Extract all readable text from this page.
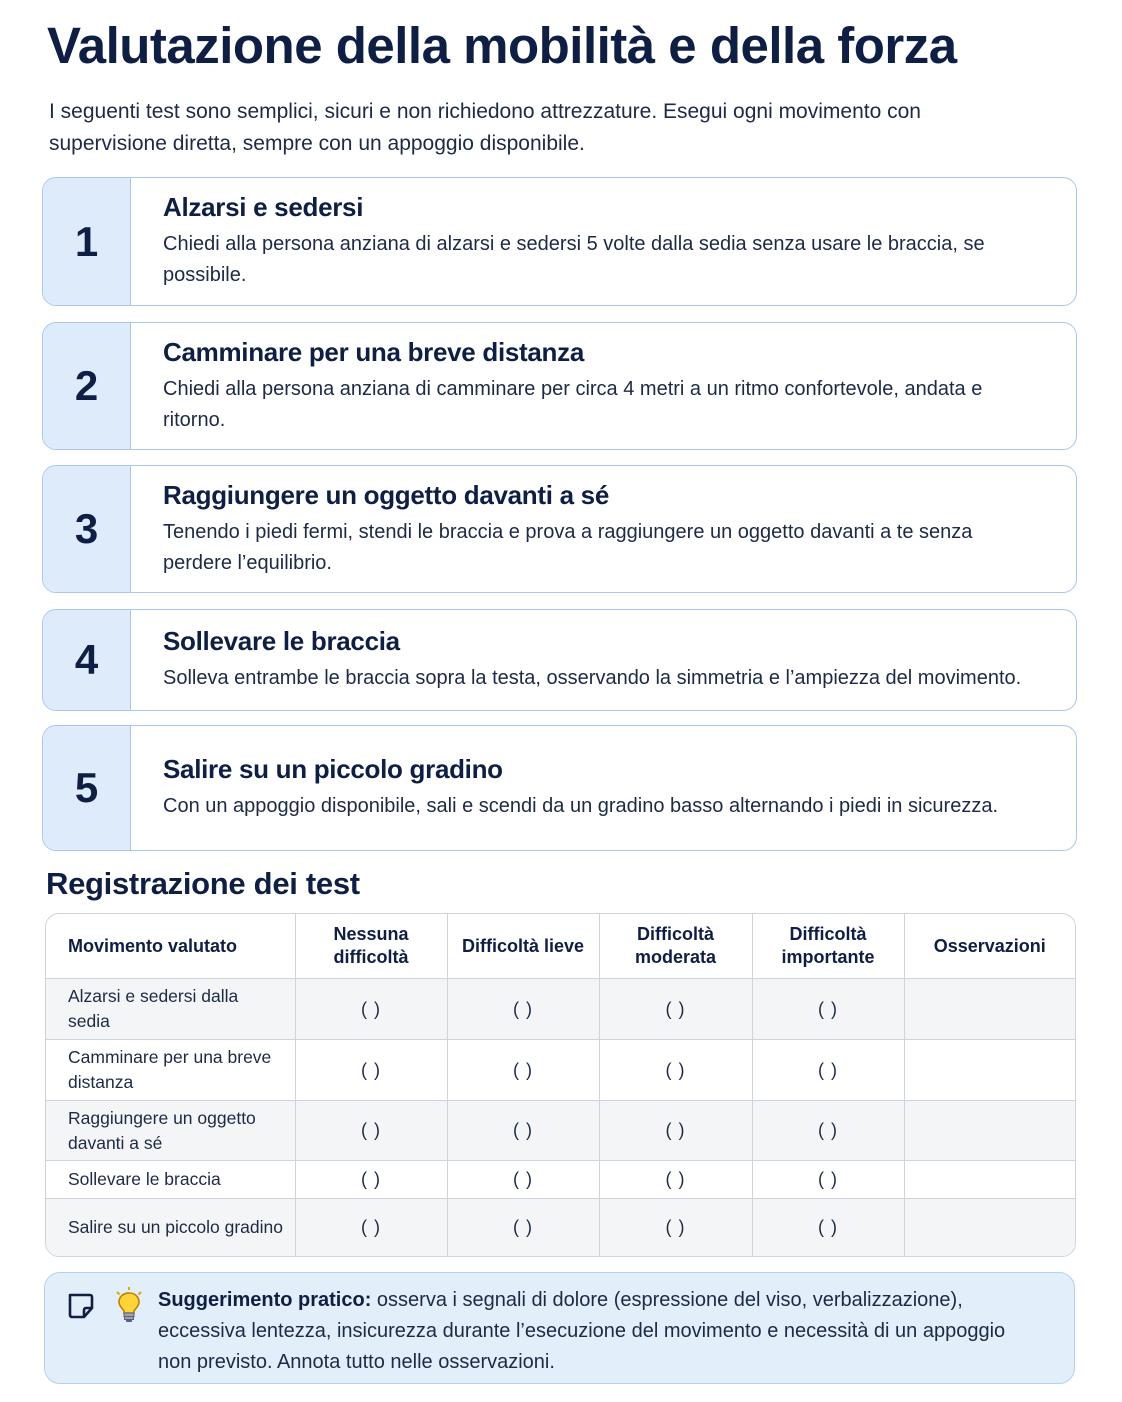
Valutazione della mobilità e della forza
I seguenti test sono semplici, sicuri e non richiedono attrezzature. Esegui ogni movimento con supervisione diretta, sempre con un appoggio disponibile.
1
Alzarsi e sedersi
Chiedi alla persona anziana di alzarsi e sedersi 5 volte dalla sedia senza usare le braccia, se possibile.
2
Camminare per una breve distanza
Chiedi alla persona anziana di camminare per circa 4 metri a un ritmo confortevole, andata e ritorno.
3
Raggiungere un oggetto davanti a sé
Tenendo i piedi fermi, stendi le braccia e prova a raggiungere un oggetto davanti a te senza perdere l’equilibrio.
4	Sollevare le braccia
Solleva entrambe le braccia sopra la testa, osservando la simmetria e l’ampiezza del movimento.
5	Salire su un piccolo gradino
Con un appoggio disponibile, sali e scendi da un gradino basso alternando i piedi in sicurezza.
Registrazione dei test
Movimento valutato	Nessuna difficoltà	Difficoltà lieve	Difficoltà moderata	Difficoltà importante	Osservazioni
Alzarsi e sedersi dalla sedia	( )	( )	( )	( )	
Camminare per una breve distanza	( )	( )	( )	( )	
Raggiungere un oggetto davanti a sé	( )	( )	( )	( )	
Sollevare le braccia	( )	( )	( )	( )	
Salire su un piccolo gradino	( )	( )	( )	( )	
Suggerimento pratico: osserva i segnali di dolore (espressione del viso, verbalizzazione), eccessiva lentezza, insicurezza durante l’esecuzione del movimento e necessità di un appoggio non previsto. Annota tutto nelle osservazioni.
